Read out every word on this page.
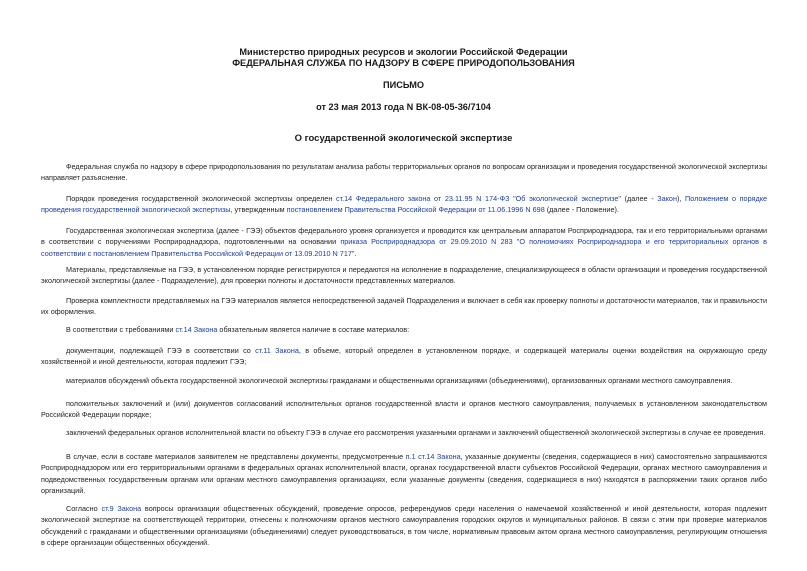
Министерство природных ресурсов и экологии Российской Федерации
ФЕДЕРАЛЬНАЯ СЛУЖБА ПО НАДЗОРУ В СФЕРЕ ПРИРОДОПОЛЬЗОВАНИЯ
ПИСЬМО
от 23 мая 2013 года N ВК-08-05-36/7104
О государственной экологической экспертизе
Федеральная служба по надзору в сфере природопользования по результатам анализа работы территориальных органов по вопросам организации и проведения государственной экологической экспертизы направляет разъяснение.
Порядок проведения государственной экологической экспертизы определен ст.14 Федерального закона от 23.11.95 N 174-ФЗ "Об экологической экспертизе" (далее - Закон), Положением о порядке проведения государственной экологической экспертизы, утвержденным постановлением Правительства Российской Федерации от 11.06.1996 N 698 (далее - Положение).
Государственная экологическая экспертиза (далее - ГЭЭ) объектов федерального уровня организуется и проводится как центральным аппаратом Росприроднадзора, так и его территориальными органами в соответствии с поручениями Росприроднадзора, подготовленными на основании приказа Росприроднадзора от 29.09.2010 N 283 "О полномочиях Росприроднадзора и его территориальных органов в соответствии с постановлением Правительства Российской Федерации от 13.09.2010 N 717".
Материалы, представляемые на ГЭЭ, в установленном порядке регистрируются и передаются на исполнение в подразделение, специализирующееся в области организации и проведения государственной экологической экспертизы (далее - Подразделение), для проверки полноты и достаточности представленных материалов.
Проверка комплектности представляемых на ГЭЭ материалов является непосредственной задачей Подразделения и включает в себя как проверку полноты и достаточности материалов, так и правильности их оформления.
В соответствии с требованиями ст.14 Закона обязательным является наличие в составе материалов:
документации, подлежащей ГЭЭ в соответствии со ст.11 Закона, в объеме, который определен в установленном порядке, и содержащей материалы оценки воздействия на окружающую среду хозяйственной и иной деятельности, которая подлежит ГЭЭ;
материалов обсуждений объекта государственной экологической экспертизы гражданами и общественными организациями (объединениями), организованных органами местного самоуправления.
положительных заключений и (или) документов согласований исполнительных органов государственной власти и органов местного самоуправления, получаемых в установленном законодательством Российской Федерации порядке;
заключений федеральных органов исполнительной власти по объекту ГЭЭ в случае его рассмотрения указанными органами и заключений общественной экологической экспертизы в случае ее проведения.
В случае, если в составе материалов заявителем не представлены документы, предусмотренные п.1 ст.14 Закона, указанные документы (сведения, содержащиеся в них) самостоятельно запрашиваются Росприроднадзором или его территориальными органами в федеральных органах исполнительной власти, органах государственной власти субъектов Российской Федерации, органах местного самоуправления и подведомственных государственным органам или органам местного самоуправления организациях, если указанные документы (сведения, содержащиеся в них) находятся в распоряжении таких органов либо организаций.
Согласно ст.9 Закона вопросы организации общественных обсуждений, проведение опросов, референдумов среди населения о намечаемой хозяйственной и иной деятельности, которая подлежит экологической экспертизе на соответствующей территории, отнесены к полномочиям органов местного самоуправления городских округов и муниципальных районов. В связи с этим при проверке материалов обсуждений с гражданами и общественными организациями (объединениями) следует руководствоваться, в том числе, нормативным правовым актом органа местного самоуправления, регулирующим отношения в сфере организации общественных обсуждений.
